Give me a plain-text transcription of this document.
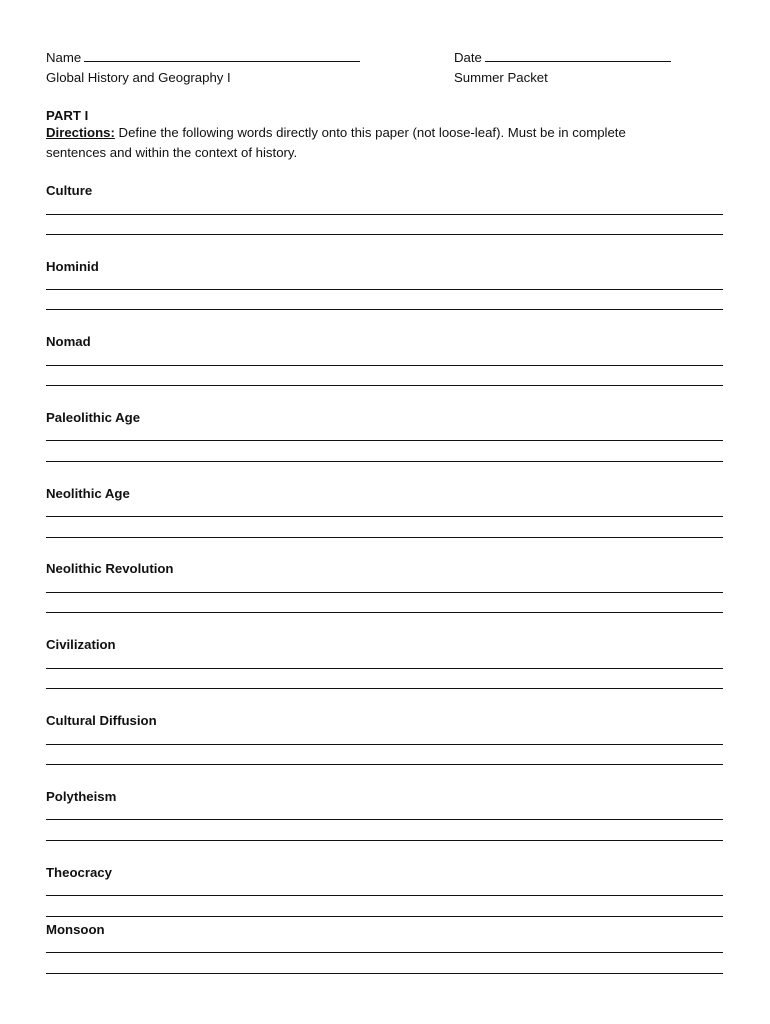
Name	Date
Global History and Geography I	Summer Packet
PART I
Directions: Define the following words directly onto this paper (not loose-leaf). Must be in complete sentences and within the context of history.
Culture
Hominid
Nomad
Paleolithic Age
Neolithic Age
Neolithic Revolution
Civilization
Cultural Diffusion
Polytheism
Theocracy
Monsoon
